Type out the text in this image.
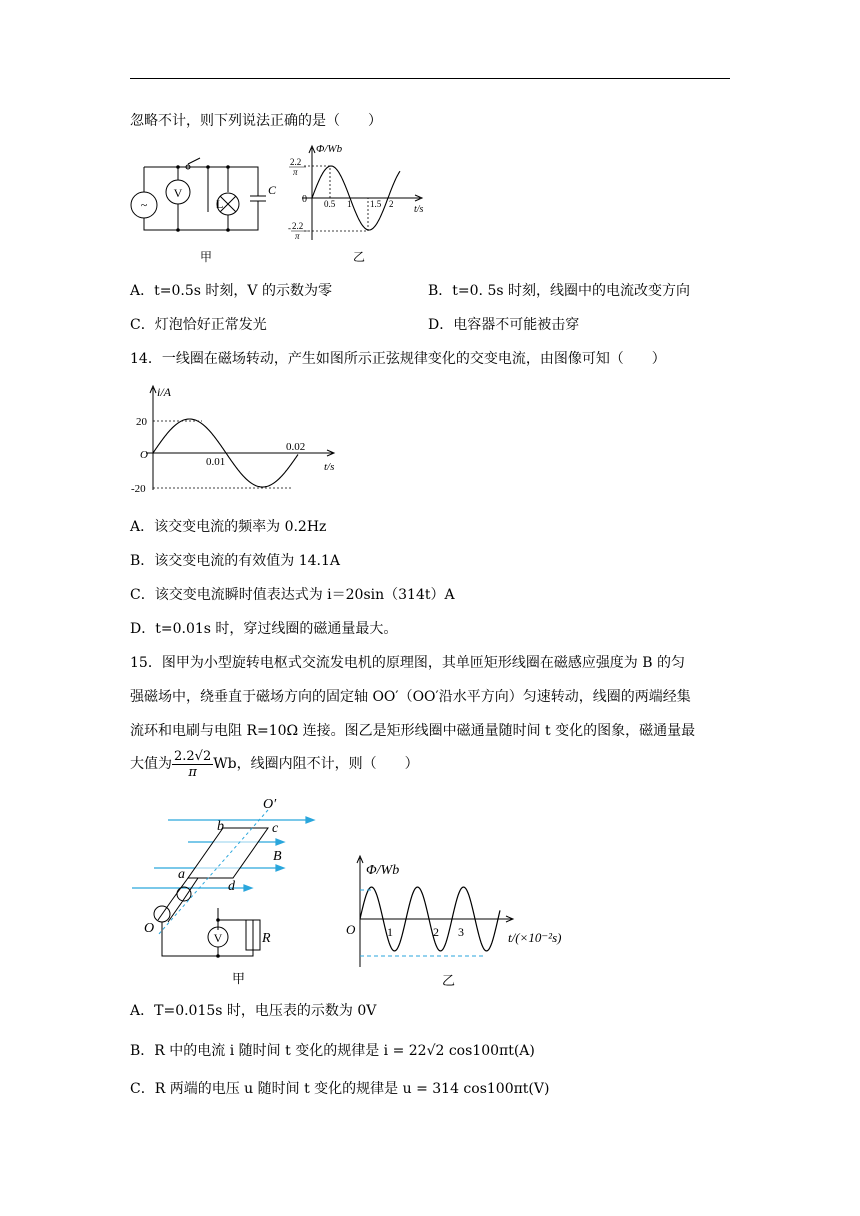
忽略不计，则下列说法正确的是（　　）
~
V
L
C
甲
Φ/Wb
t/s
2.2
π
0
- 2.2
π
0.5 1 1.5 2
乙
A．t=0.5s 时刻，V 的示数为零	B．t=0. 5s 时刻，线圈中的电流改变方向
C．灯泡恰好正常发光	D．电容器不可能被击穿
14．一线圈在磁场转动，产生如图所示正弦规律变化的交变电流，由图像可知（　　）
i/A
t/s
20
-20
O
0.01
0.02
A．该交变电流的频率为 0.2Hz
B．该交变电流的有效值为 14.1A
C．该交变电流瞬时值表达式为 i＝20sin（314t）A
D．t=0.01s 时，穿过线圈的磁通量最大。
15．图甲为小型旋转电枢式交流发电机的原理图，其单匝矩形线圈在磁感应强度为 B 的匀
强磁场中，绕垂直于磁场方向的固定轴 OO′（OO′沿水平方向）匀速转动，线圈的两端经集
流环和电刷与电阻 R=10Ω 连接。图乙是矩形线圈中磁通量随时间 t 变化的图象，磁通量最
大值为 $\frac{2.2√2}{\pi}$ Wb，线圈内阻不计，则（　　）
O′
O
a
b	c
d
B
R
V
甲
Φ/Wb
t/(×10⁻²s)
O	1	2 3
乙
A．T=0.015s 时，电压表的示数为 0V
B．R 中的电流 i 随时间 t 变化的规律是 i = 22√2 cos100πt(A)
C．R 两端的电压 u 随时间 t 变化的规律是 u = 314 cos100πt(V)
